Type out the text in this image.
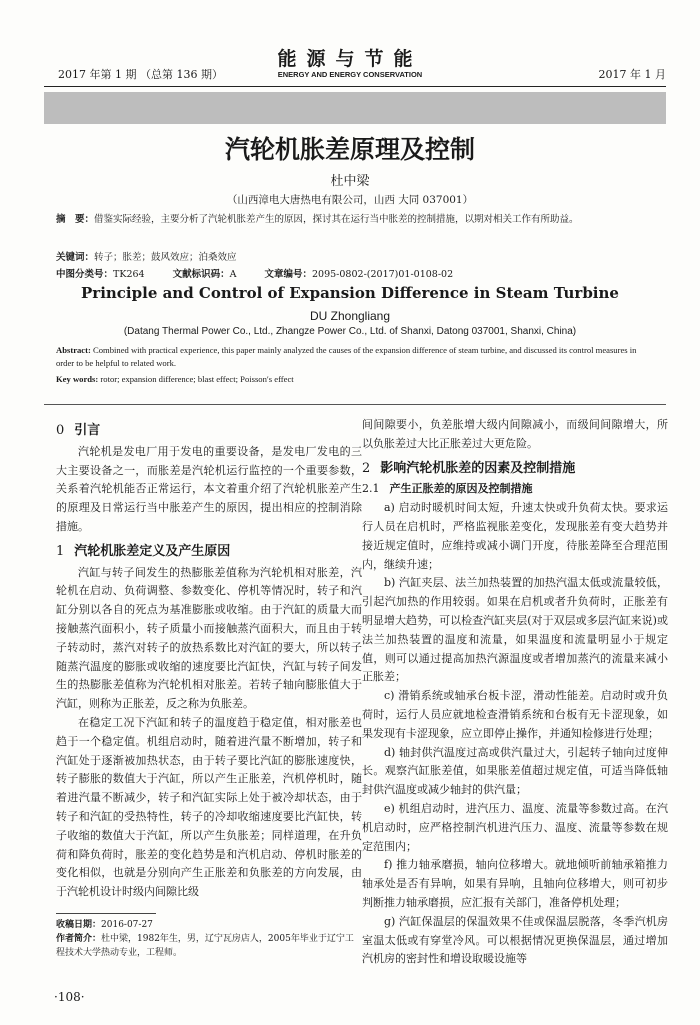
2017 年第 1 期 （总第 136 期）
能源与节能
ENERGY AND ENERGY CONSERVATION	2017 年 1 月
汽轮机胀差原理及控制
杜中梁
（山西漳电大唐热电有限公司，山西 大同 037001）
摘　要：借鉴实际经验，主要分析了汽轮机胀差产生的原因，探讨其在运行当中胀差的控制措施，以期对相关工作有所助益。
关键词：转子；胀差；鼓风效应；泊桑效应
中图分类号：TK264	文献标识码：A	文章编号：2095-0802-(2017)01-0108-02
Principle and Control of Expansion Difference in Steam Turbine
DU Zhongliang
(Datang Thermal Power Co., Ltd., Zhangze Power Co., Ltd. of Shanxi, Datong 037001, Shanxi, China)
Abstract: Combined with practical experience, this paper mainly analyzed the causes of the expansion difference of steam turbine, and discussed its control measures in order to be helpful to related work.
Key words: rotor; expansion difference; blast effect; Poisson′s effect
0 引言

汽轮机是发电厂用于发电的重要设备，是发电厂发电的三大主要设备之一，而胀差是汽轮机运行监控的一个重要参数，关系着汽轮机能否正常运行，本文着重介绍了汽轮机胀差产生的原理及日常运行当中胀差产生的原因，提出相应的控制消除措施。

1 汽轮机胀差定义及产生原因

汽缸与转子间发生的热膨胀差值称为汽轮机相对胀差，汽轮机在启动、负荷调整、参数变化、停机等情况时，转子和汽缸分别以各自的死点为基准膨胀或收缩。由于汽缸的质量大而接触蒸汽面积小，转子质量小而接触蒸汽面积大，而且由于转子转动时，蒸汽对转子的放热系数比对汽缸的要大，所以转子随蒸汽温度的膨胀或收缩的速度要比汽缸快，汽缸与转子间发生的热膨胀差值称为汽轮机相对胀差。若转子轴向膨胀值大于汽缸，则称为正胀差，反之称为负胀差。

在稳定工况下汽缸和转子的温度趋于稳定值，相对胀差也趋于一个稳定值。机组启动时，随着进汽量不断增加，转子和汽缸处于逐渐被加热状态，由于转子要比汽缸的膨胀速度快，转子膨胀的数值大于汽缸，所以产生正胀差，汽机停机时，随着进汽量不断减少，转子和汽缸实际上处于被冷却状态，由于转子和汽缸的受热特性，转子的冷却收缩速度要比汽缸快，转子收缩的数值大于汽缸，所以产生负胀差；同样道理，在升负荷和降负荷时，胀差的变化趋势是和汽机启动、停机时胀差的变化相似，也就是分别向产生正胀差和负胀差的方向发展，由于汽轮机设计时级内间隙比级

间间隙要小，负差胀增大级内间隙减小，而级间间隙增大，所以负胀差过大比正胀差过大更危险。

2 影响汽轮机胀差的因素及控制措施
2.1 产生正胀差的原因及控制措施

a) 启动时暖机时间太短，升速太快或升负荷太快。要求运行人员在启机时，严格监视胀差变化，发现胀差有变大趋势并接近规定值时，应维持或减小调门开度，待胀差降至合理范围内，继续升速；

b) 汽缸夹层、法兰加热装置的加热汽温太低或流量较低，引起汽加热的作用较弱。如果在启机或者升负荷时，正胀差有明显增大趋势，可以检查汽缸夹层(对于双层或多层汽缸来说)或法兰加热装置的温度和流量，如果温度和流量明显小于规定值，则可以通过提高加热汽源温度或者增加蒸汽的流量来减小正胀差；

c) 滑销系统或轴承台板卡涩，滑动性能差。启动时或升负荷时，运行人员应就地检查滑销系统和台板有无卡涩现象，如果发现有卡涩现象，应立即停止操作，并通知检修进行处理；

d) 轴封供汽温度过高或供汽量过大，引起转子轴向过度伸长。观察汽缸胀差值，如果胀差值超过规定值，可适当降低轴封供汽温度或减少轴封的供汽量；

e) 机组启动时，进汽压力、温度、流量等参数过高。在汽机启动时，应严格控制汽机进汽压力、温度、流量等参数在规定范围内；

f) 推力轴承磨损，轴向位移增大。就地倾听前轴承箱推力轴承处是否有异响，如果有异响，且轴向位移增大，则可初步判断推力轴承磨损，应汇报有关部门，准备停机处理；

g) 汽缸保温层的保温效果不佳或保温层脱落，冬季汽机房室温太低或有穿堂冷风。可以根据情况更换保温层，通过增加汽机房的密封性和增设取暖设施等

收稿日期：2016-07-27
作者简介：杜中梁，1982年生，男，辽宁瓦房店人，2005年毕业于辽宁工程技术大学热动专业，工程师。
·108·
